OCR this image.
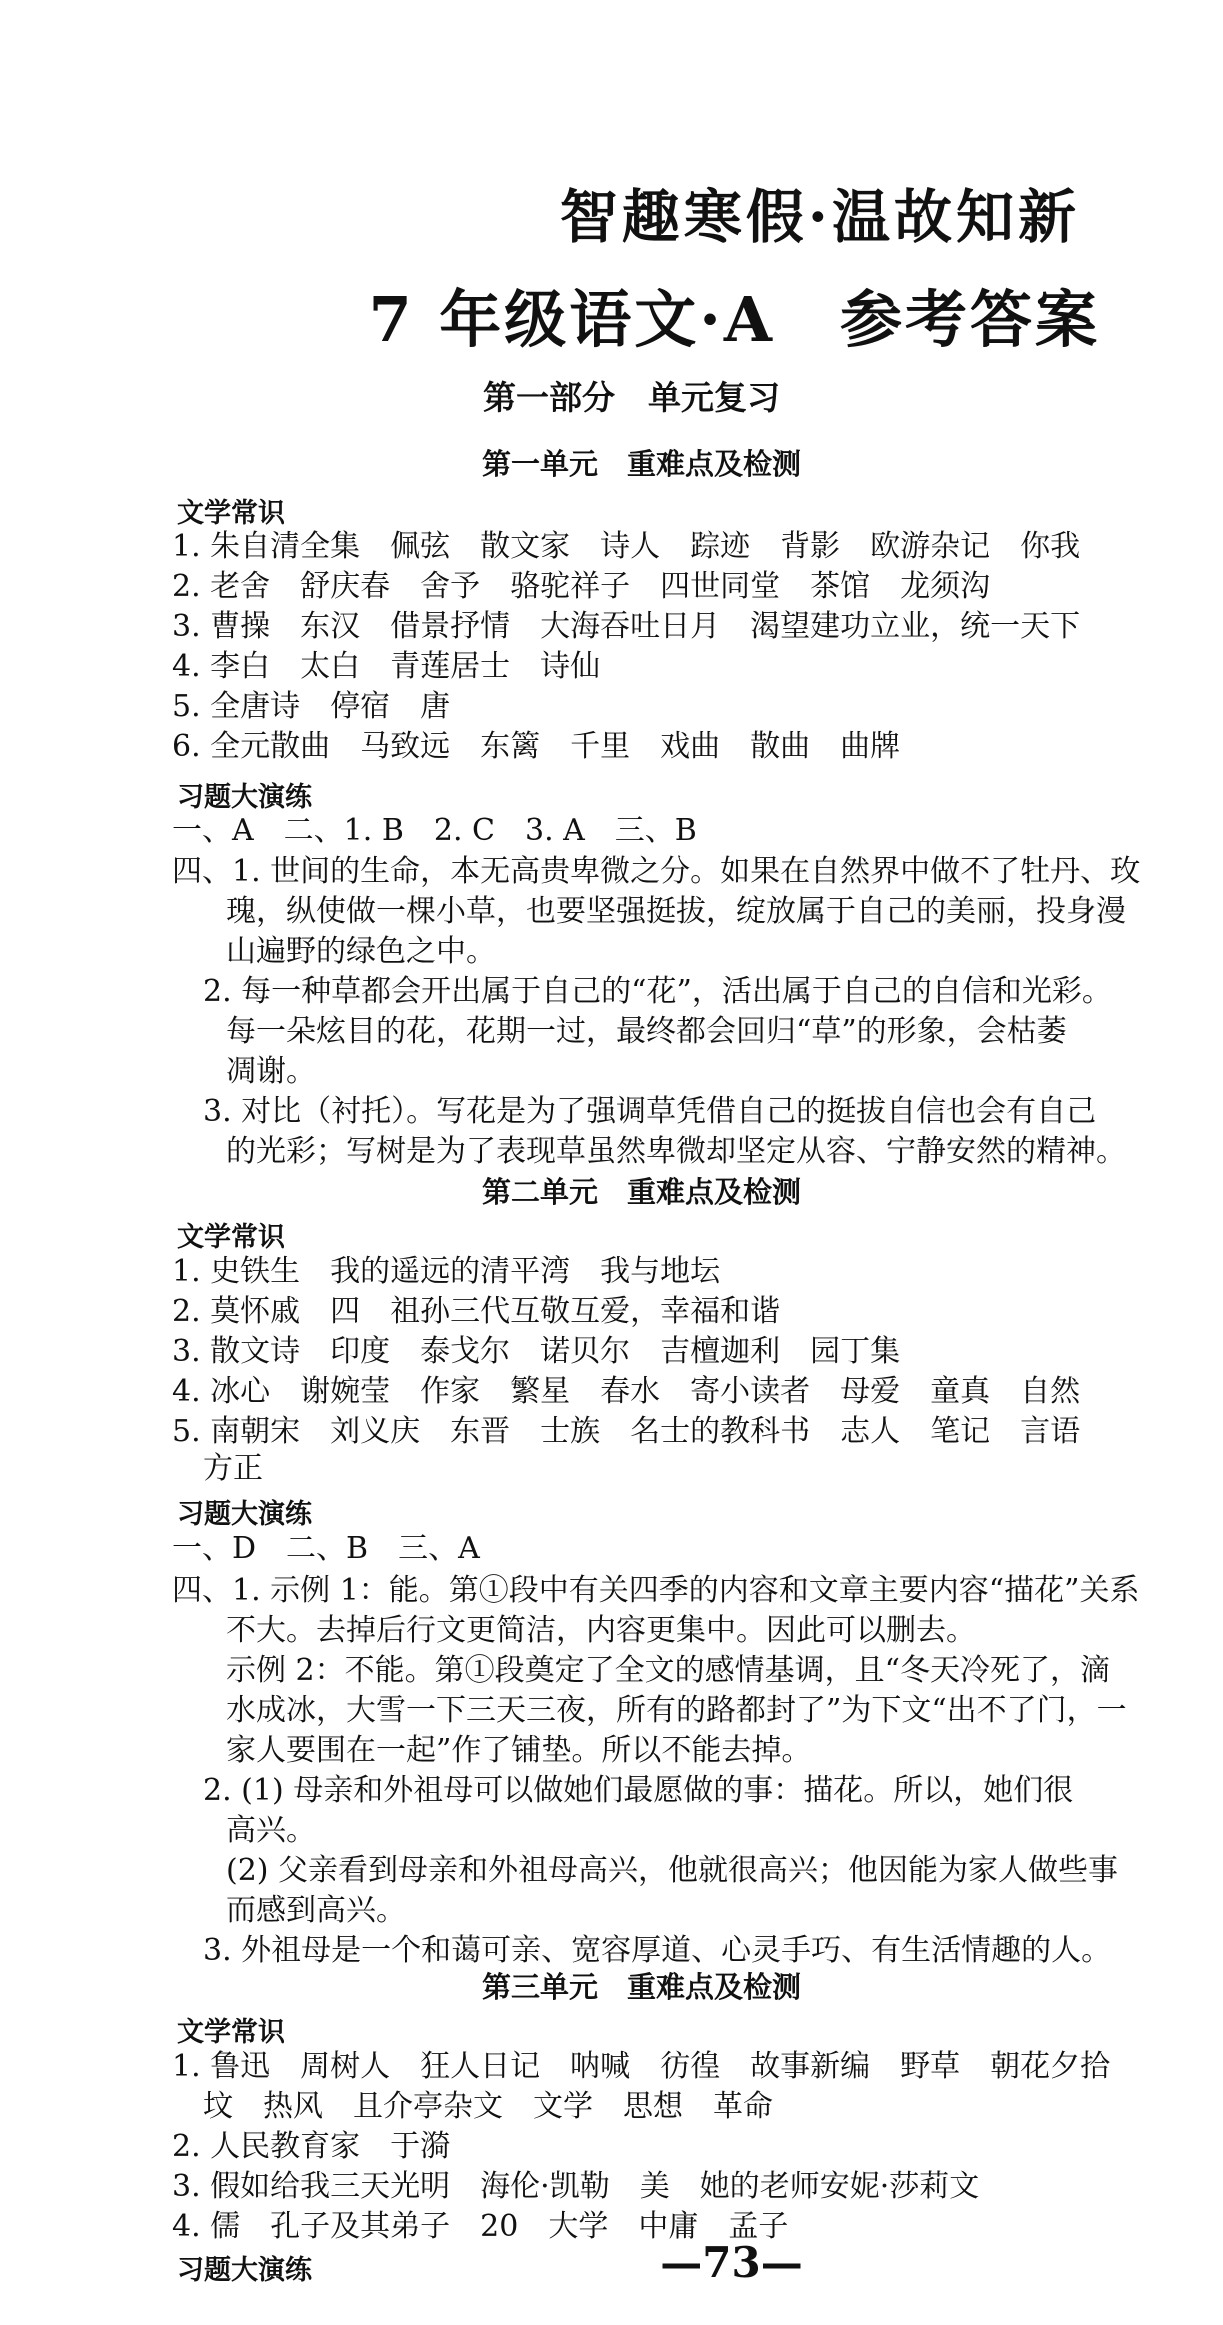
智趣寒假·温故知新
7 年级语文·A　参考答案
第一部分　单元复习
第一单元　重难点及检测
文学常识
1. 朱自清全集　佩弦　散文家　诗人　踪迹　背影　欧游杂记　你我
2. 老舍　舒庆春　舍予　骆驼祥子　四世同堂　茶馆　龙须沟
3. 曹操　东汉　借景抒情　大海吞吐日月　渴望建功立业，统一天下
4. 李白　太白　青莲居士　诗仙
5. 全唐诗　停宿　唐
6. 全元散曲　马致远　东篱　千里　戏曲　散曲　曲牌
习题大演练
一、A　二、1. B　2. C　3. A　三、B
四、1. 世间的生命，本无高贵卑微之分。如果在自然界中做不了牡丹、玫
瑰，纵使做一棵小草，也要坚强挺拔，绽放属于自己的美丽，投身漫
山遍野的绿色之中。
2. 每一种草都会开出属于自己的“花”，活出属于自己的自信和光彩。
每一朵炫目的花，花期一过，最终都会回归“草”的形象，会枯萎
凋谢。
3. 对比（衬托）。写花是为了强调草凭借自己的挺拔自信也会有自己
的光彩；写树是为了表现草虽然卑微却坚定从容、宁静安然的精神。
第二单元　重难点及检测
文学常识
1. 史铁生　我的遥远的清平湾　我与地坛
2. 莫怀戚　四　祖孙三代互敬互爱，幸福和谐
3. 散文诗　印度　泰戈尔　诺贝尔　吉檀迦利　园丁集
4. 冰心　谢婉莹　作家　繁星　春水　寄小读者　母爱　童真　自然
5. 南朝宋　刘义庆　东晋　士族　名士的教科书　志人　笔记　言语
方正
习题大演练
一、D　二、B　三、A
四、1. 示例 1：能。第①段中有关四季的内容和文章主要内容“描花”关系
不大。去掉后行文更简洁，内容更集中。因此可以删去。
示例 2：不能。第①段奠定了全文的感情基调，且“冬天冷死了，滴
水成冰，大雪一下三天三夜，所有的路都封了”为下文“出不了门，一
家人要围在一起”作了铺垫。所以不能去掉。
2. (1) 母亲和外祖母可以做她们最愿做的事：描花。所以，她们很
高兴。
(2) 父亲看到母亲和外祖母高兴，他就很高兴；他因能为家人做些事
而感到高兴。
3. 外祖母是一个和蔼可亲、宽容厚道、心灵手巧、有生活情趣的人。
第三单元　重难点及检测
文学常识
1. 鲁迅　周树人　狂人日记　呐喊　彷徨　故事新编　野草　朝花夕拾
坟　热风　且介亭杂文　文学　思想　革命
2. 人民教育家　于漪
3. 假如给我三天光明　海伦·凯勒　美　她的老师安妮·莎莉文
4. 儒　孔子及其弟子　20　大学　中庸　孟子
习题大演练	—73—
